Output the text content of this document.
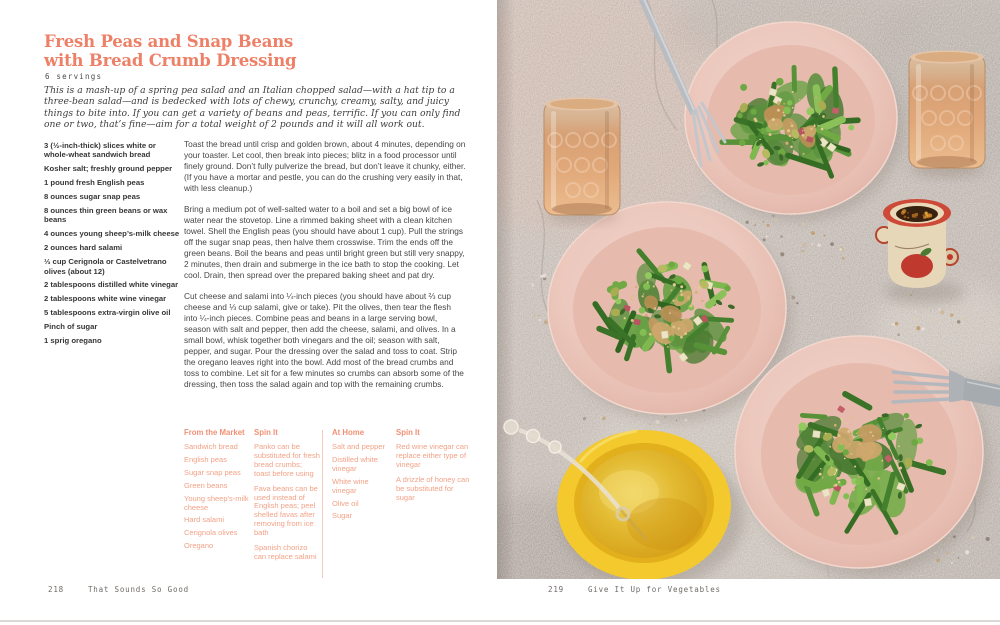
Fresh Peas and Snap Beans
with Bread Crumb Dressing
6 servings
This is a mash-up of a spring pea salad and an Italian chopped salad—with a hat tip to a three-bean salad—and is bedecked with lots of chewy, crunchy, creamy, salty, and juicy things to bite into. If you can get a variety of beans and peas, terrific. If you can only find one or two, that’s fine—aim for a total weight of 2 pounds and it will all work out.
3 (½-inch-thick) slices white or whole-wheat sandwich bread
Kosher salt; freshly ground pepper
1 pound fresh English peas
8 ounces sugar snap peas
8 ounces thin green beans or wax beans
4 ounces young sheep’s-milk cheese
2 ounces hard salami
⅓ cup Cerignola or Castelvetrano olives (about 12)
2 tablespoons distilled white vinegar
2 tablespoons white wine vinegar
5 tablespoons extra-virgin olive oil
Pinch of sugar
1 sprig oregano

Toast the bread until crisp and golden brown, about 4 minutes, depending on your toaster. Let cool, then break into pieces; blitz in a food processor until finely ground. Don’t fully pulverize the bread, but don’t leave it chunky, either. (If you have a mortar and pestle, you can do the crushing very easily in that, with less cleanup.)

Bring a medium pot of well-salted water to a boil and set a big bowl of ice water near the stovetop. Line a rimmed baking sheet with a clean kitchen towel. Shell the English peas (you should have about 1 cup). Pull the strings off the sugar snap peas, then halve them crosswise. Trim the ends off the green beans. Boil the beans and peas until bright green but still very snappy, 2 minutes, then drain and submerge in the ice bath to stop the cooking. Let cool. Drain, then spread over the prepared baking sheet and pat dry.

Cut cheese and salami into ¼-inch pieces (you should have about ⅔ cup cheese and ⅓ cup salami, give or take). Pit the olives, then tear the flesh into ¼-inch pieces. Combine peas and beans in a large serving bowl, season with salt and pepper, then add the cheese, salami, and olives. In a small bowl, whisk together both vinegars and the oil; season with salt, pepper, and sugar. Pour the dressing over the salad and toss to coat. Strip the oregano leaves right into the bowl. Add most of the bread crumbs and toss to combine. Let sit for a few minutes so crumbs can absorb some of the dressing, then toss the salad again and top with the remaining crumbs.

From the Market
Sandwich bread
English peas
Sugar snap peas
Green beans
Young sheep’s-milk cheese
Hard salami
Cerignola olives
Oregano
Spin It
Panko can be substituted for fresh bread crumbs; toast before using
Fava beans can be used instead of English peas; peel shelled favas after removing from ice bath
Spanish chorizo can replace salami
At Home
Salt and pepper
Distilled white vinegar
White wine vinegar
Olive oil
Sugar
Spin It
Red wine vinegar can replace either type of vinegar
A drizzle of honey can be substituted for sugar
218	That Sounds So Good	219	Give It Up for Vegetables
